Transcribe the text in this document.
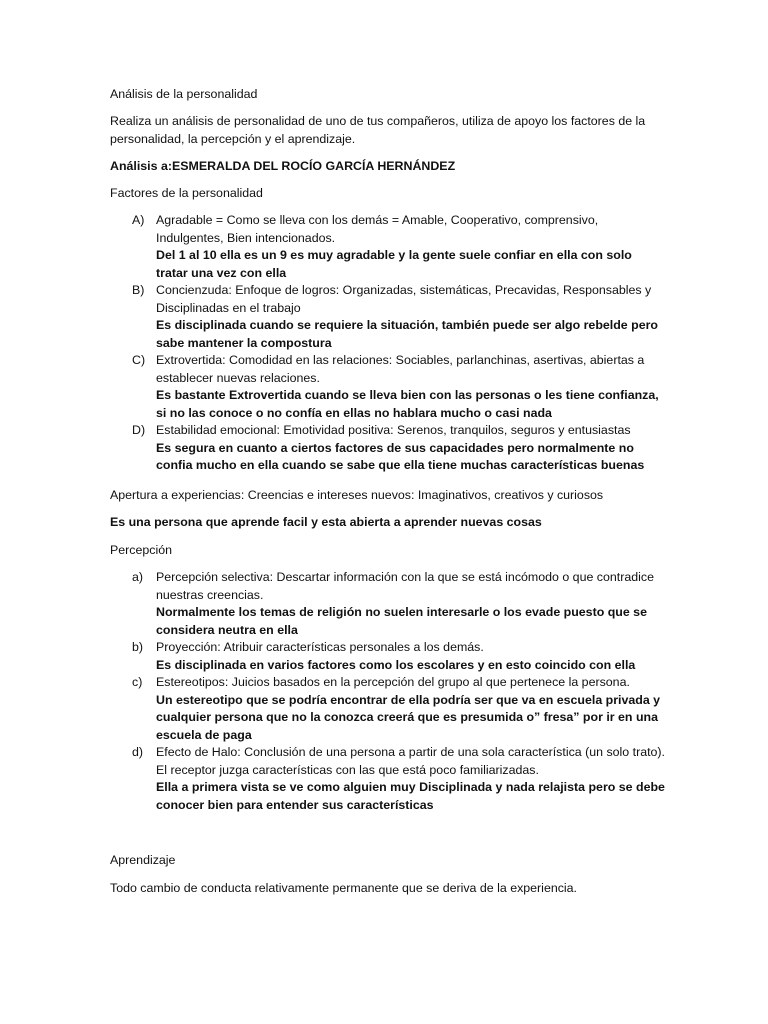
Análisis de la personalidad

Realiza un análisis de personalidad de uno de tus compañeros, utiliza de apoyo los factores de la personalidad, la percepción y el aprendizaje.

Análisis a:ESMERALDA DEL ROCÍO GARCÍA HERNÁNDEZ

Factores de la personalidad

A) Agradable = Como se lleva con los demás = Amable, Cooperativo, comprensivo, Indulgentes, Bien intencionados.
Del 1 al 10 ella es un 9 es muy agradable y la gente suele confiar en ella con solo tratar una vez con ella
B) Concienzuda: Enfoque de logros: Organizadas, sistemáticas, Precavidas, Responsables y Disciplinadas en el trabajo
Es disciplinada cuando se requiere la situación, también puede ser algo rebelde pero sabe mantener la compostura
C) Extrovertida: Comodidad en las relaciones: Sociables, parlanchinas, asertivas, abiertas a establecer nuevas relaciones.
Es bastante Extrovertida cuando se lleva bien con las personas o les tiene confianza, si no las conoce o no confía en ellas no hablara mucho o casi nada
D) Estabilidad emocional: Emotividad positiva: Serenos, tranquilos, seguros y entusiastas
Es segura en cuanto a ciertos factores de sus capacidades pero normalmente no confia mucho en ella cuando se sabe que ella tiene muchas características buenas

Apertura a experiencias: Creencias e intereses nuevos: Imaginativos, creativos y curiosos

Es una persona que aprende facil y esta abierta a aprender nuevas cosas

Percepción

a) Percepción selectiva: Descartar información con la que se está incómodo o que contradice nuestras creencias.
Normalmente los temas de religión no suelen interesarle o los evade puesto que se considera neutra en ella
b) Proyección: Atribuir características personales a los demás.
Es disciplinada en varios factores como los escolares y en esto coincido con ella
c) Estereotipos: Juicios basados en la percepción del grupo al que pertenece la persona.
Un estereotipo que se podría encontrar de ella podría ser que va en escuela privada y cualquier persona que no la conozca creerá que es presumida o” fresa” por ir en una escuela de paga
d) Efecto de Halo: Conclusión de una persona a partir de una sola característica (un solo trato). El receptor juzga características con las que está poco familiarizadas.
Ella a primera vista se ve como alguien muy Disciplinada y nada relajista pero se debe conocer bien para entender sus características

Aprendizaje

Todo cambio de conducta relativamente permanente que se deriva de la experiencia.
